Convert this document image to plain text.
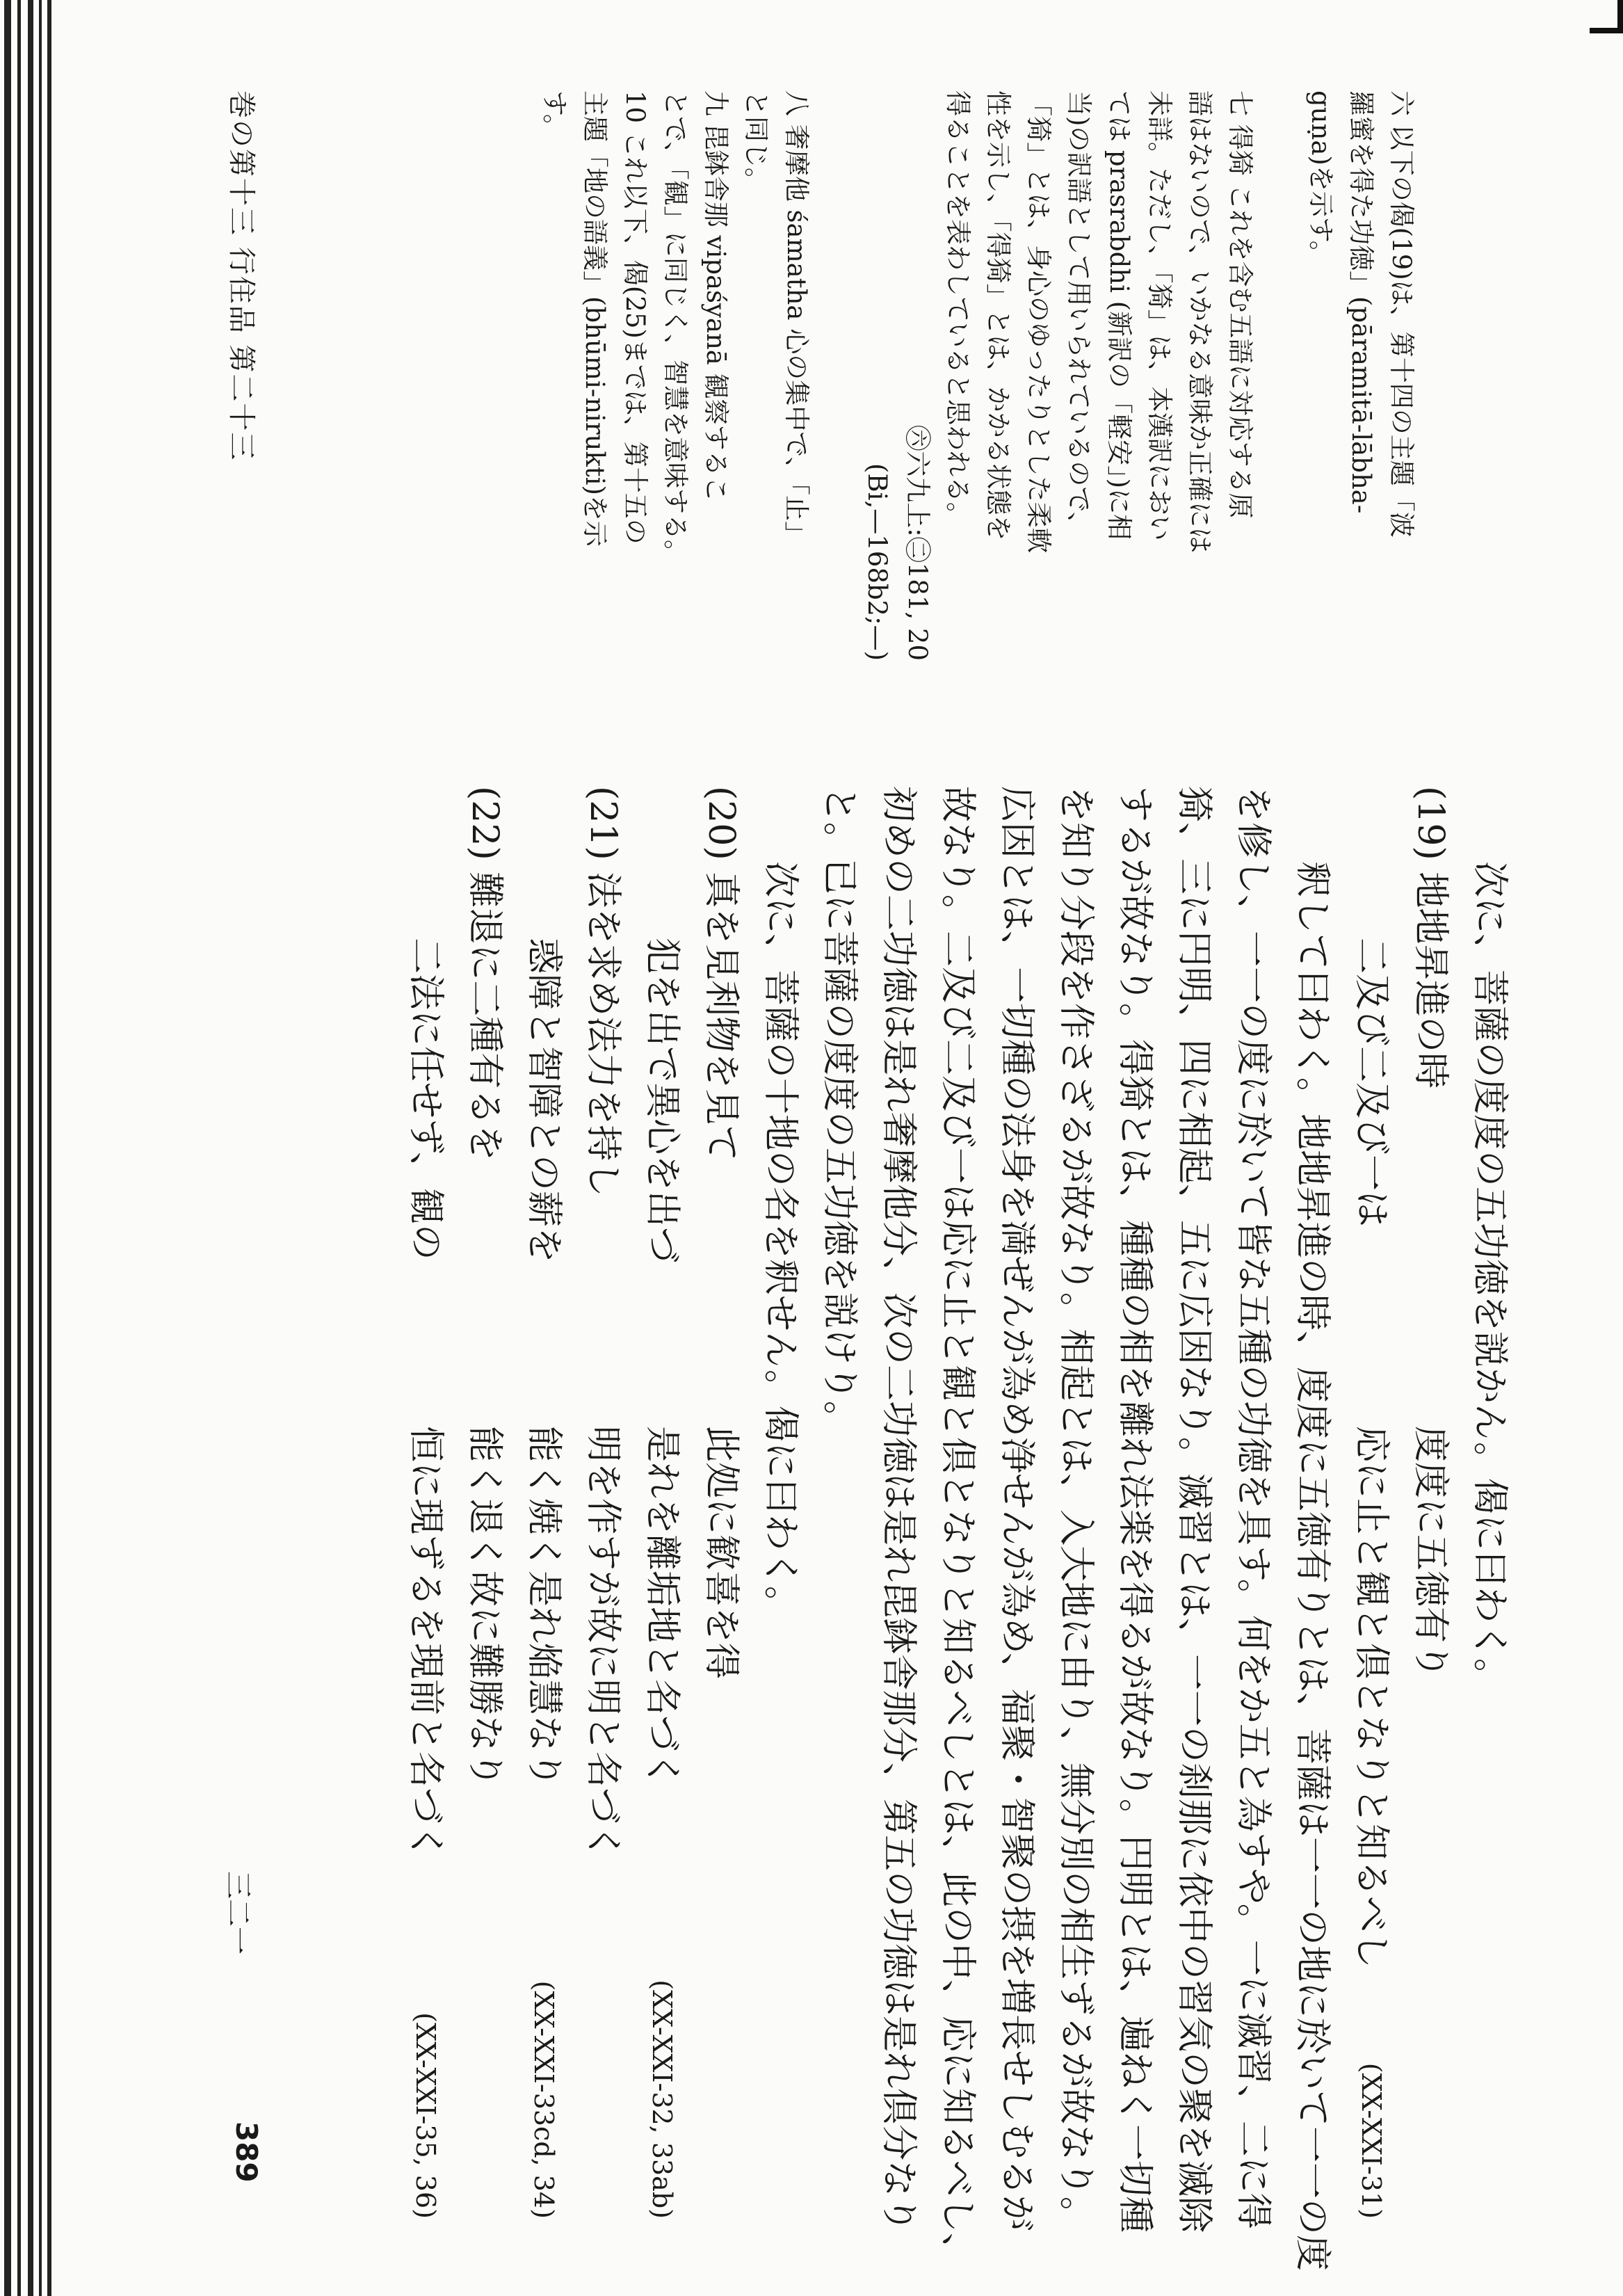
次に、菩薩の度度の五功徳を説かん。偈に曰わく。
(19) 地地昇進の時
度度に五徳有り
二及び二及び一は
応に止と観と倶となりと知るべし
(XX-XXI-31)
釈して曰わく。地地昇進の時、度度に五徳有りとは、菩薩は一一の地に於いて一一の度
を修し、一一の度に於いて皆な五種の功徳を具す。何をか五と為すや。一に滅習、二に得
猗、三に円明、四に相起、五に広因なり。滅習とは、一一の刹那に依中の習気の聚を滅除
するが故なり。得猗とは、種種の相を離れ法楽を得るが故なり。円明とは、遍ねく一切種
を知り分段を作さざるが故なり。相起とは、入大地に由り、無分別の相生ずるが故なり。
広因とは、一切種の法身を満ぜんが為め浄せんが為め、福聚・智聚の摂を増長せしむるが
故なり。二及び二及び一は応に止と観と倶となりと知るべしとは、此の中、応に知るべし、
初めの二功徳は是れ奢摩他分、次の二功徳は是れ毘鉢舎那分、第五の功徳は是れ倶分なり
と。已に菩薩の度度の五功徳を説けり。
次に、菩薩の十地の名を釈せん。偈に曰わく。
(20) 真を見利物を見て
此処に歓喜を得
犯を出で異心を出づ
是れを離垢地と名づく
(XX-XXI-32, 33ab)
(21) 法を求め法力を持し
明を作すが故に明と名づく
惑障と智障との薪を
能く焼く是れ焔慧なり
(XX-XXI-33cd, 34)
(22) 難退に二種有るを
能く退く故に難勝なり
二法に任せず、観の
恒に現ずるを現前と名づく
(XX-XXI-35, 36)
六 以下の偈(19)は、第十四の主題「波
羅蜜を得た功徳」(pāramitā-lābha-
guṇa)を示す。
七 得猗 これを含む五語に対応する原
語はないので、いかなる意味か正確には
未詳。ただし、「猗」は、本漢訳におい
ては prasrabdhi (新訳の「軽安」)に相
当)の訳語として用いられているので、
「猗」とは、身心のゆったりとした柔軟
性を示し、「得猗」とは、かかる状態を
得ることを表わしていると思われる。
㊅六九上:㊁181, 20
(Bi,—168b2;—)
八 奢摩他 śamatha 心の集中で、「止」
と同じ。
九 毘鉢舎那 vipaśyanā 観察するこ
とで、「観」に同じく、智慧を意味する。
10 これ以下、偈(25)までは、第十五の
主題「地の語義」(bhūmi-nirukti)を示
す。
巻の第十三 行住品 第二十三
三二一
389
